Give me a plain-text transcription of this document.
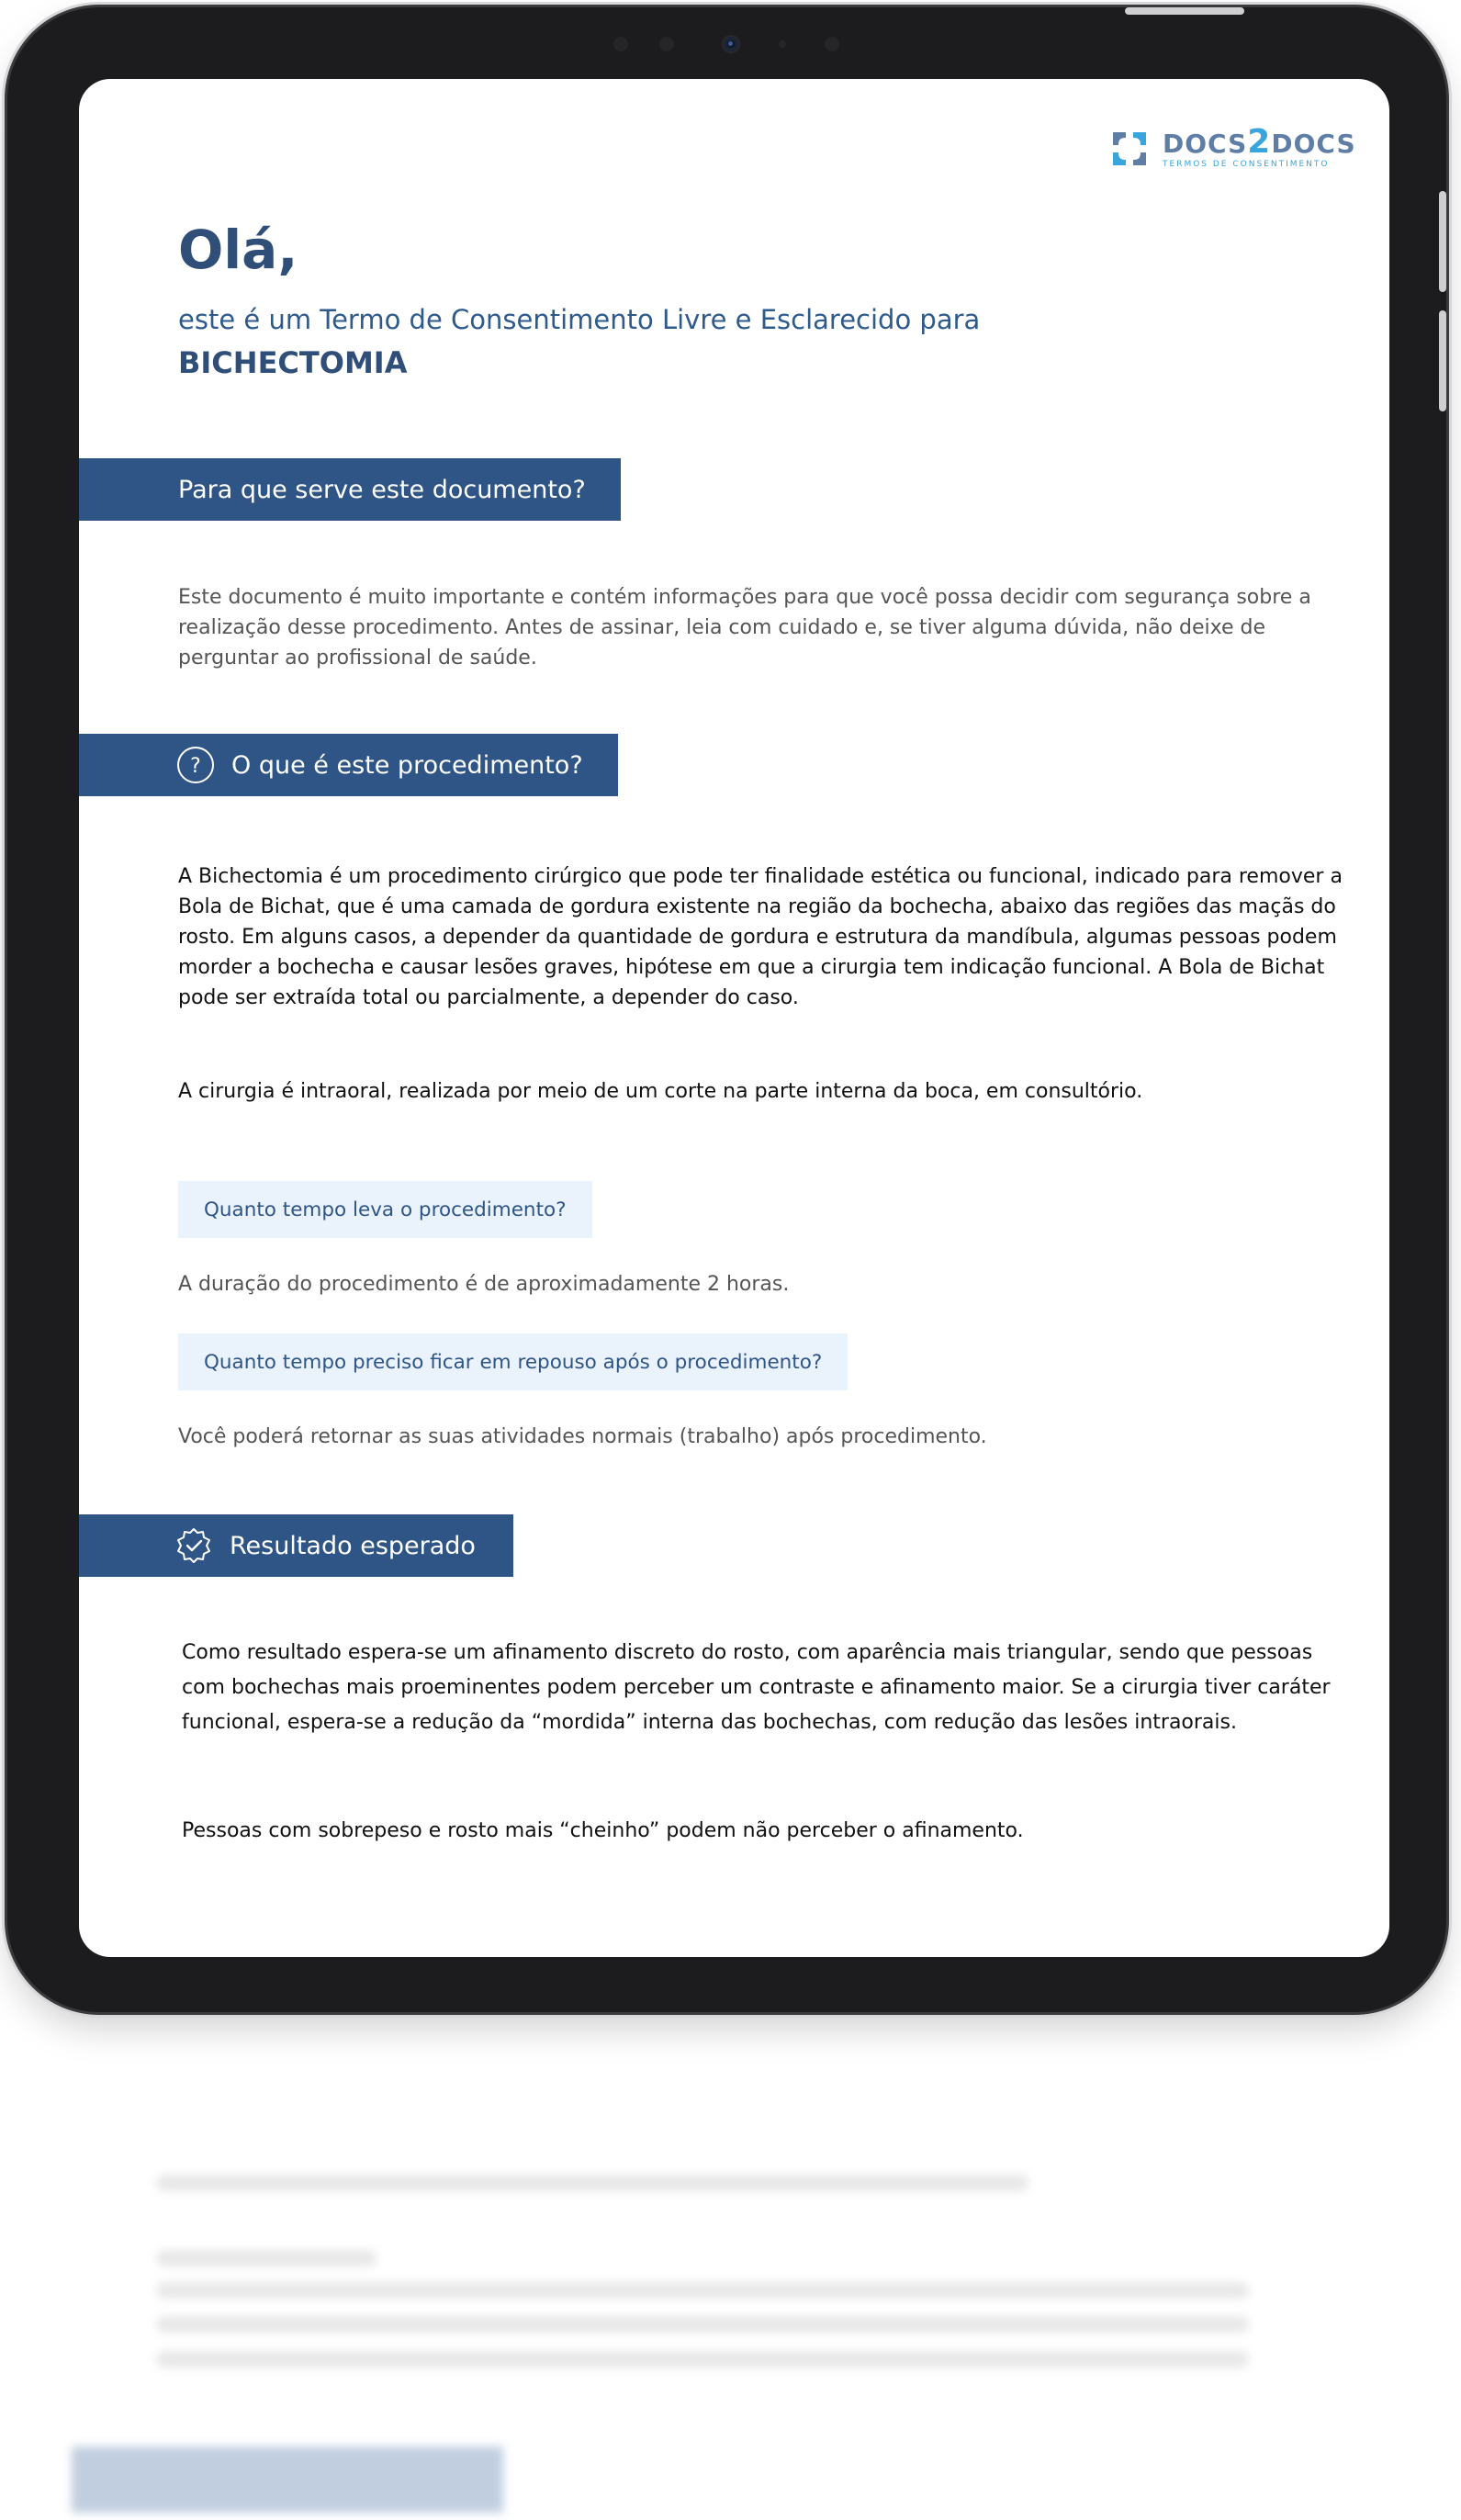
DOCS2DOCS
TERMOS DE CONSENTIMENTO
Olá,
este é um Termo de Consentimento Livre e Esclarecido para
BICHECTOMIA
Para que serve este documento?

Este documento é muito importante e contém informações para que você possa decidir com segurança sobre a realização desse procedimento. Antes de assinar, leia com cuidado e, se tiver alguma dúvida, não deixe de perguntar ao profissional de saúde.

? O que é este procedimento?

A Bichectomia é um procedimento cirúrgico que pode ter finalidade estética ou funcional, indicado para remover a Bola de Bichat, que é uma camada de gordura existente na região da bochecha, abaixo das regiões das maçãs do rosto. Em alguns casos, a depender da quantidade de gordura e estrutura da mandíbula, algumas pessoas podem morder a bochecha e causar lesões graves, hipótese em que a cirurgia tem indicação funcional. A Bola de Bichat pode ser extraída total ou parcialmente, a depender do caso.

A cirurgia é intraoral, realizada por meio de um corte na parte interna da boca, em consultório.

Quanto tempo leva o procedimento?

A duração do procedimento é de aproximadamente 2 horas.

Quanto tempo preciso ficar em repouso após o procedimento?

Você poderá retornar as suas atividades normais (trabalho) após procedimento.

Resultado esperado

Como resultado espera-se um afinamento discreto do rosto, com aparência mais triangular, sendo que pessoas com bochechas mais proeminentes podem perceber um contraste e afinamento maior. Se a cirurgia tiver caráter funcional, espera-se a redução da “mordida” interna das bochechas, com redução das lesões intraorais.

Pessoas com sobrepeso e rosto mais “cheinho” podem não perceber o afinamento.
